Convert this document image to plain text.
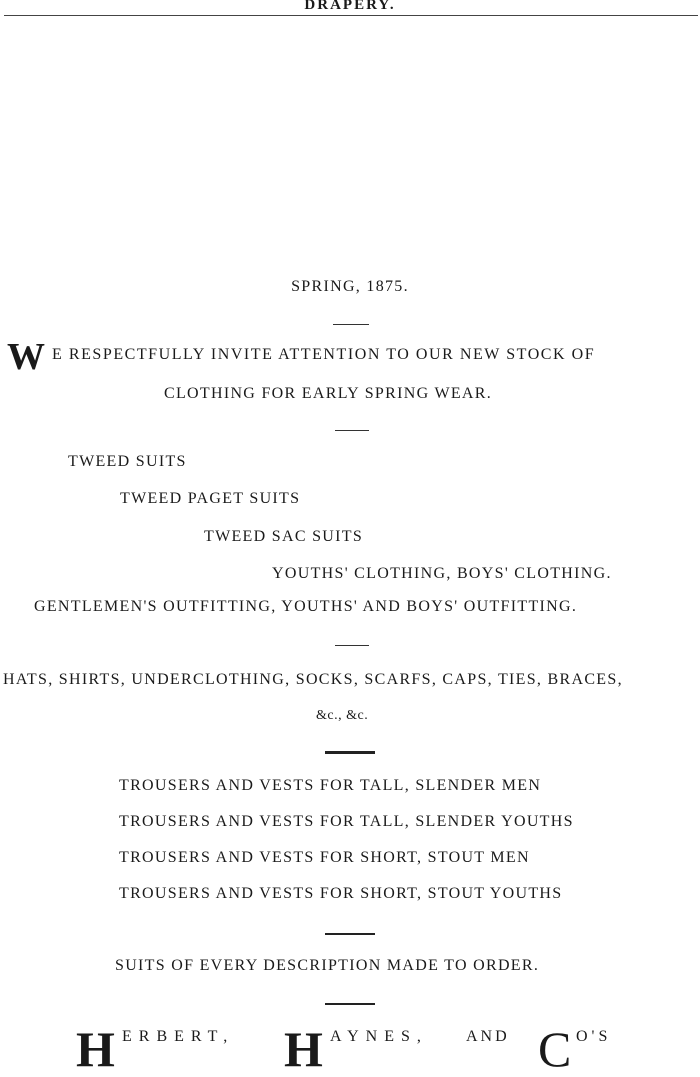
DRAPERY.
SPRING, 1875.
W E RESPECTFULLY INVITE ATTENTION TO OUR NEW STOCK OF
CLOTHING FOR EARLY SPRING WEAR.
TWEED SUITS
TWEED PAGET SUITS
TWEED SAC SUITS
YOUTHS' CLOTHING, BOYS' CLOTHING.
GENTLEMEN'S OUTFITTING, YOUTHS' AND BOYS' OUTFITTING.
HATS, SHIRTS, UNDERCLOTHING, SOCKS, SCARFS, CAPS, TIES, BRACES,
&c., &c.
TROUSERS AND VESTS FOR TALL, SLENDER MEN
TROUSERS AND VESTS FOR TALL, SLENDER YOUTHS
TROUSERS AND VESTS FOR SHORT, STOUT MEN
TROUSERS AND VESTS FOR SHORT, STOUT YOUTHS
SUITS OF EVERY DESCRIPTION MADE TO ORDER.
H ERBERT, H AYNES, AND C O'S
